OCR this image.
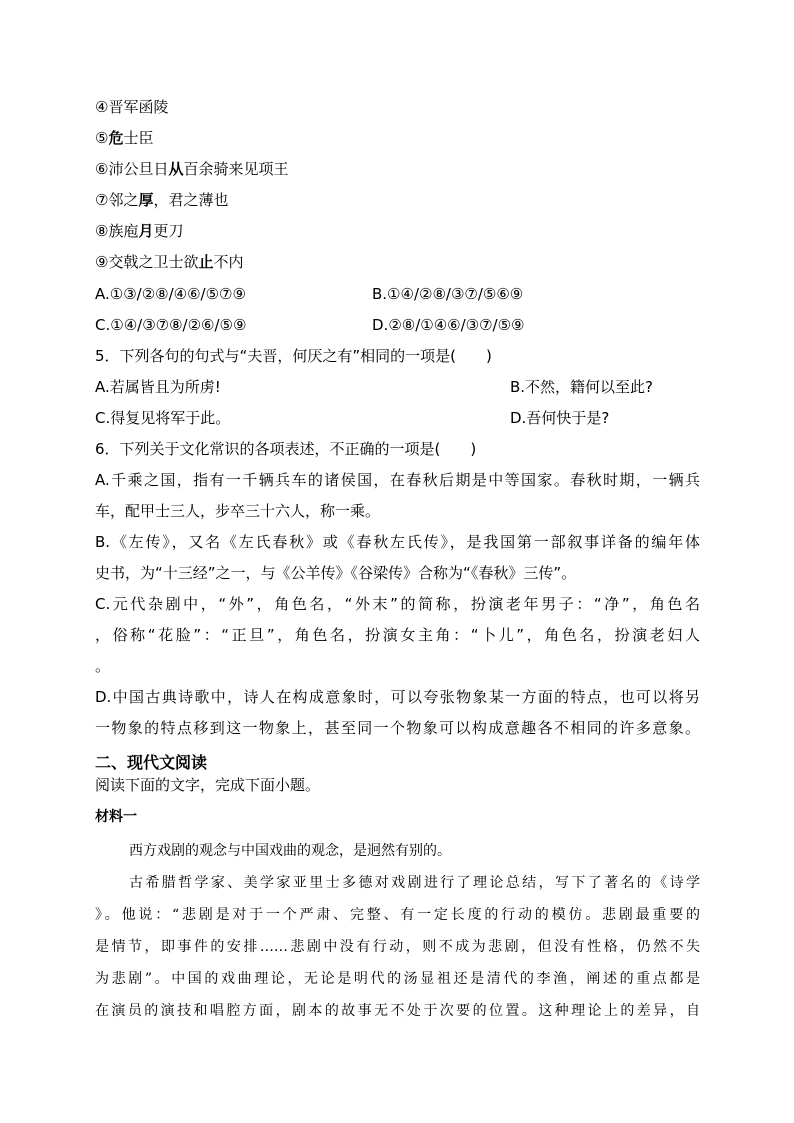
④晋军函陵
⑤危士臣
⑥沛公旦日从百余骑来见项王
⑦邻之厚，君之薄也
⑧族庖月更刀
⑨交戟之卫士欲止不内
A.①③/②⑧/④⑥/⑤⑦⑨	B.①④/②⑧/③⑦/⑤⑥⑨
C.①④/③⑦⑧/②⑥/⑤⑨	D.②⑧/①④⑥/③⑦/⑤⑨
5．下列各句的句式与“夫晋，何厌之有”相同的一项是(　　)
A.若属皆且为所虏!	B.不然，籍何以至此?
C.得复见将军于此。	D.吾何快于是?
6．下列关于文化常识的各项表述，不正确的一项是(　　)
A.千乘之国，指有一千辆兵车的诸侯国，在春秋后期是中等国家。春秋时期，一辆兵
车，配甲士三人，步卒三十六人，称一乘。
B.《左传》，又名《左氏春秋》或《春秋左氏传》，是我国第一部叙事详备的编年体
史书，为“十三经”之一，与《公羊传》《谷梁传》合称为“《春秋》三传”。
C.元代杂剧中，“外”，角色名，“外末”的简称，扮演老年男子：“净”，角色名
，俗称“花脸”：“正旦”，角色名，扮演女主角：“卜儿”，角色名，扮演老妇人
。
D.中国古典诗歌中，诗人在构成意象时，可以夸张物象某一方面的特点，也可以将另
一物象的特点移到这一物象上，甚至同一个物象可以构成意趣各不相同的许多意象。
二、现代文阅读
阅读下面的文字，完成下面小题。
材料一
西方戏剧的观念与中国戏曲的观念，是迥然有别的。
古希腊哲学家、美学家亚里士多德对戏剧进行了理论总结，写下了著名的《诗学
》。他说：“悲剧是对于一个严肃、完整、有一定长度的行动的模仿。悲剧最重要的
是情节，即事件的安排……悲剧中没有行动，则不成为悲剧，但没有性格，仍然不失
为悲剧”。中国的戏曲理论，无论是明代的汤显祖还是清代的李渔，阐述的重点都是
在演员的演技和唱腔方面，剧本的故事无不处于次要的位置。这种理论上的差异，自
